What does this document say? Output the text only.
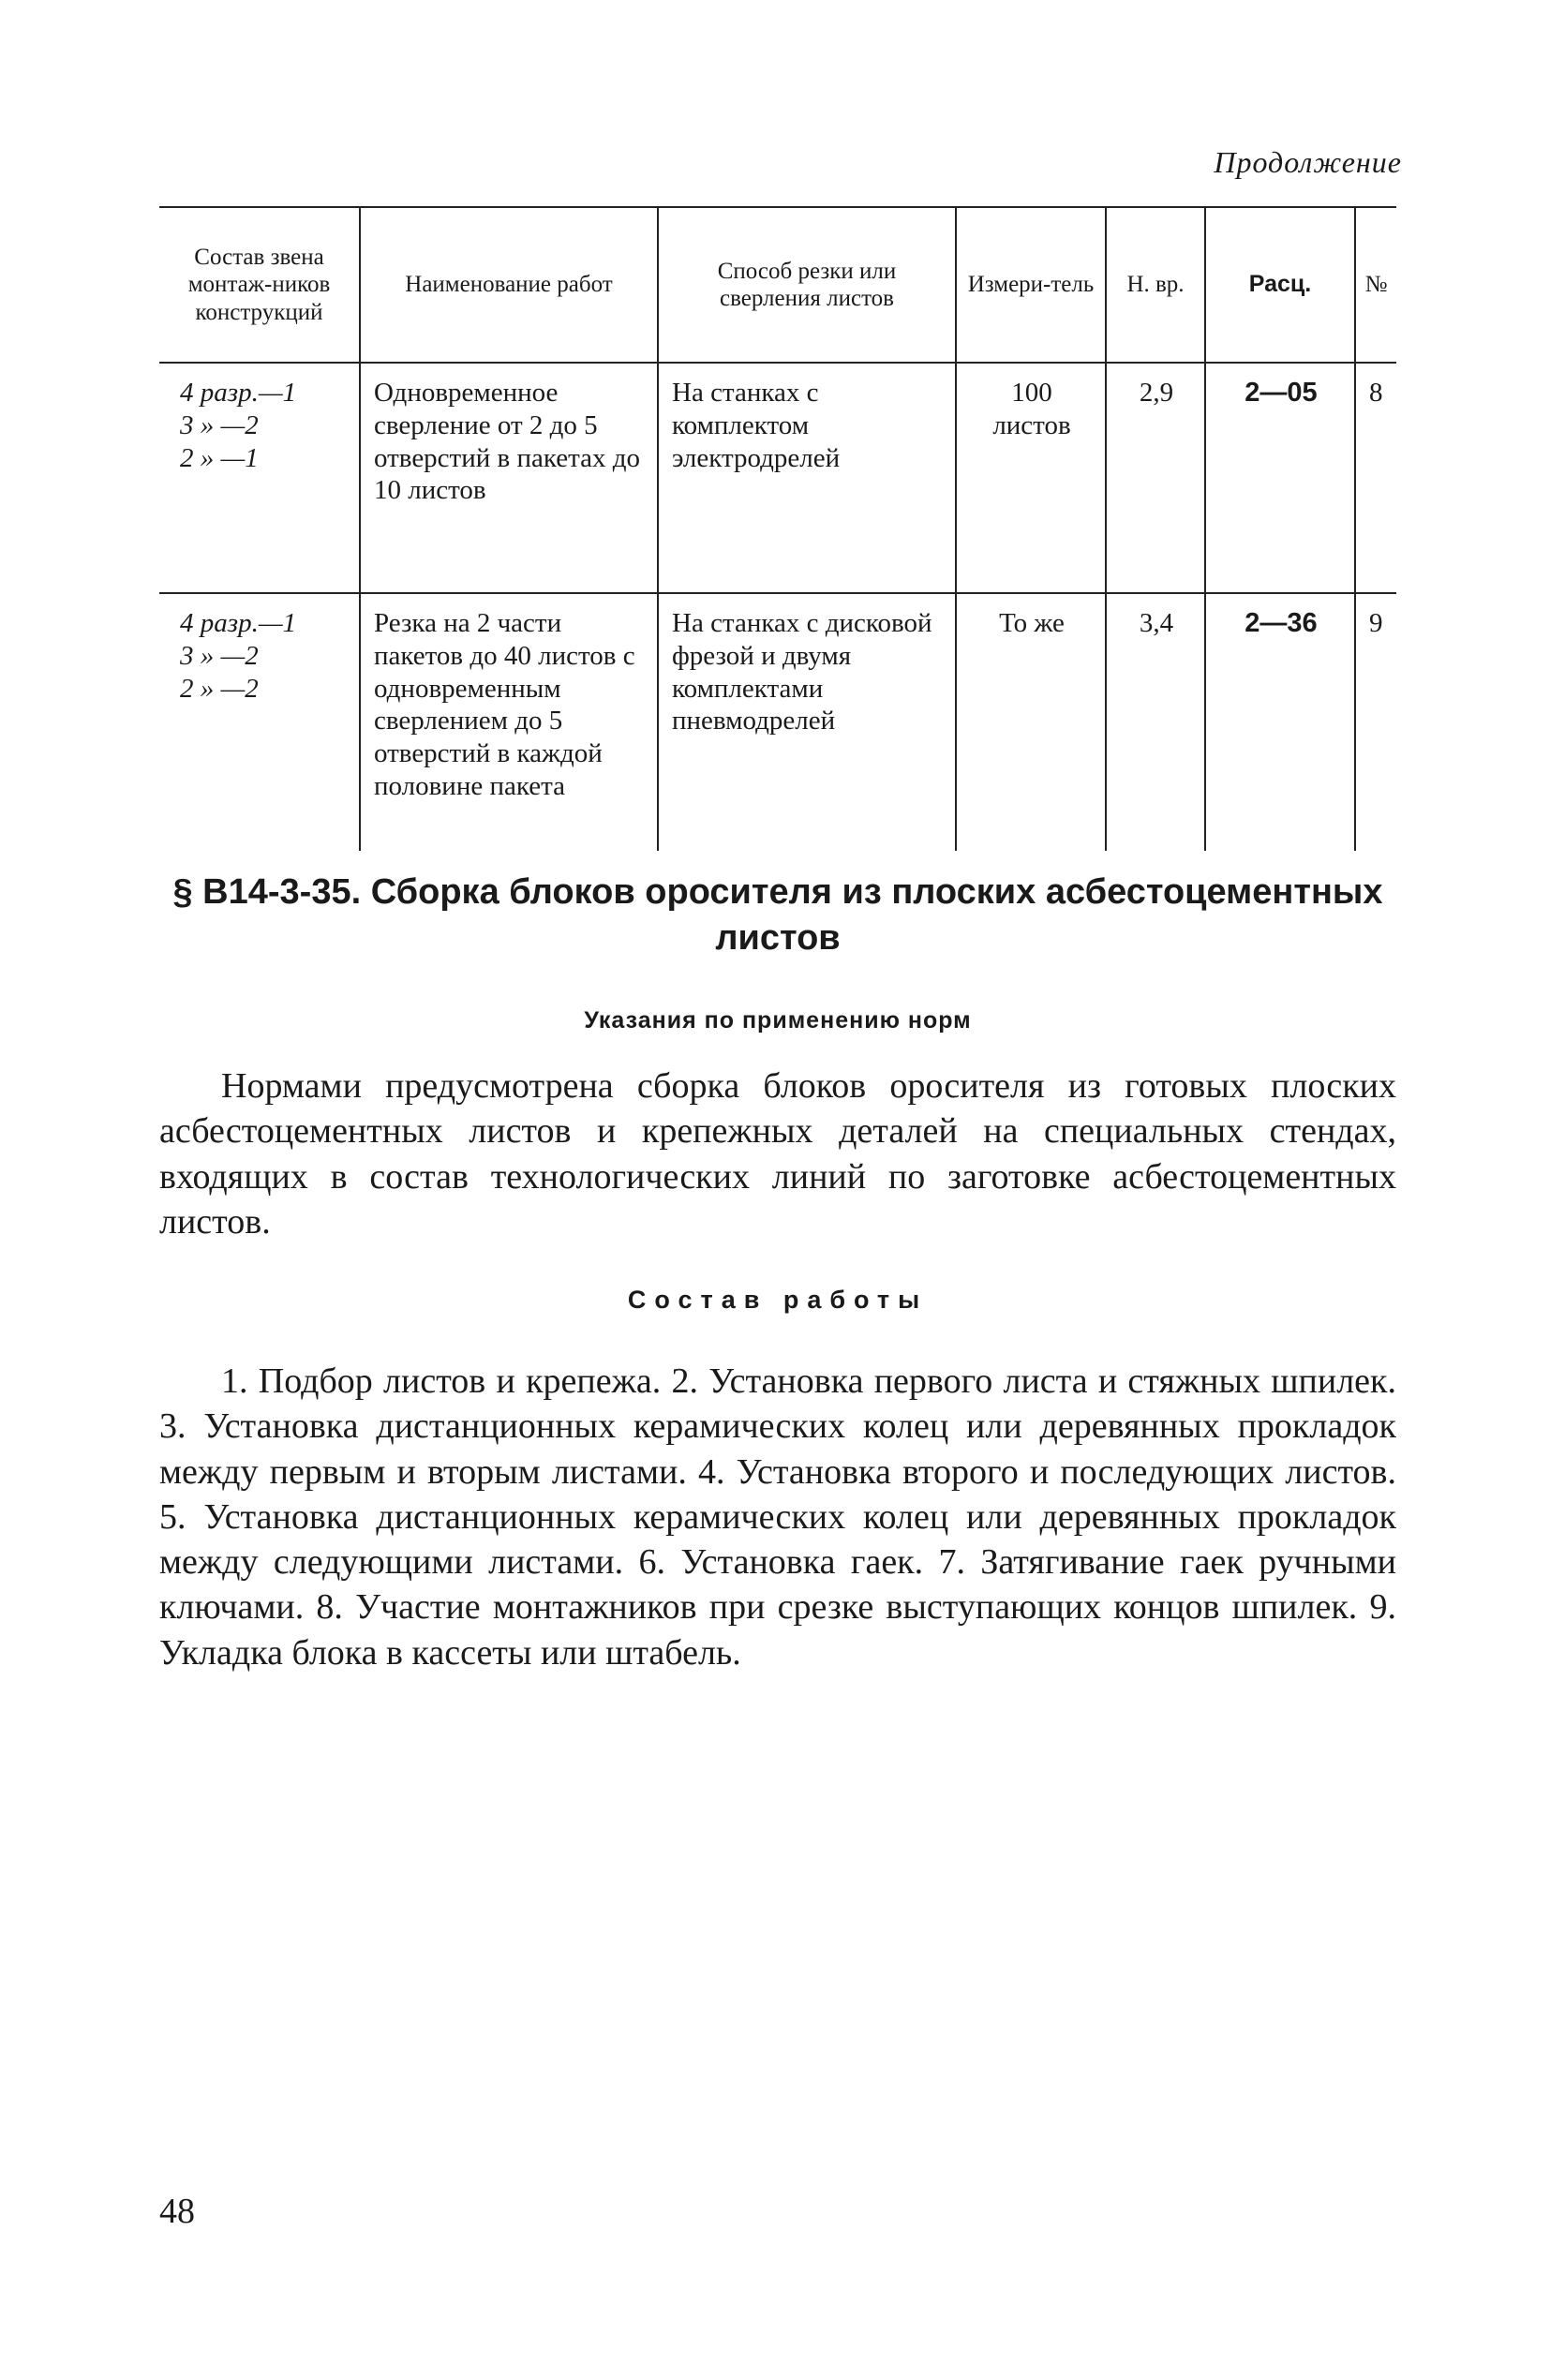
Продолжение
Состав звена монтаж-ников конструкций	Наименование работ	Способ резки или сверления листов	Измери-тель	Н. вр.	Расц.	№

4 разр.—1
3 » —2
2 » —1	Одновременное сверление от 2 до 5 отверстий в пакетах до 10 листов	На станках с комплектом электродрелей	100 листов	2,9	2—05	8

4 разр.—1
3 » —2
2 » —2	Резка на 2 части пакетов до 40 листов с одновременным сверлением до 5 отверстий в каждой половине пакета	На станках с дисковой фрезой и двумя комплектами пневмодрелей	То же	3,4	2—36	9
§ В14-3-35. Сборка блоков оросителя из плоских асбестоцементных листов
Указания по применению норм

Нормами предусмотрена сборка блоков оросителя из готовых плоских асбестоцементных листов и крепежных деталей на специальных стендах, входящих в состав технологических линий по заготовке асбестоцементных листов.

Состав работы

1. Подбор листов и крепежа. 2. Установка первого листа и стяжных шпилек. 3. Установка дистанционных керамических колец или деревянных прокладок между первым и вторым листами. 4. Установка второго и последующих листов. 5. Установка дистанционных керамических колец или деревянных прокладок между следующими листами. 6. Установка гаек. 7. Затягивание гаек ручными ключами. 8. Участие монтажников при срезке выступающих концов шпилек. 9. Укладка блока в кассеты или штабель.

48
